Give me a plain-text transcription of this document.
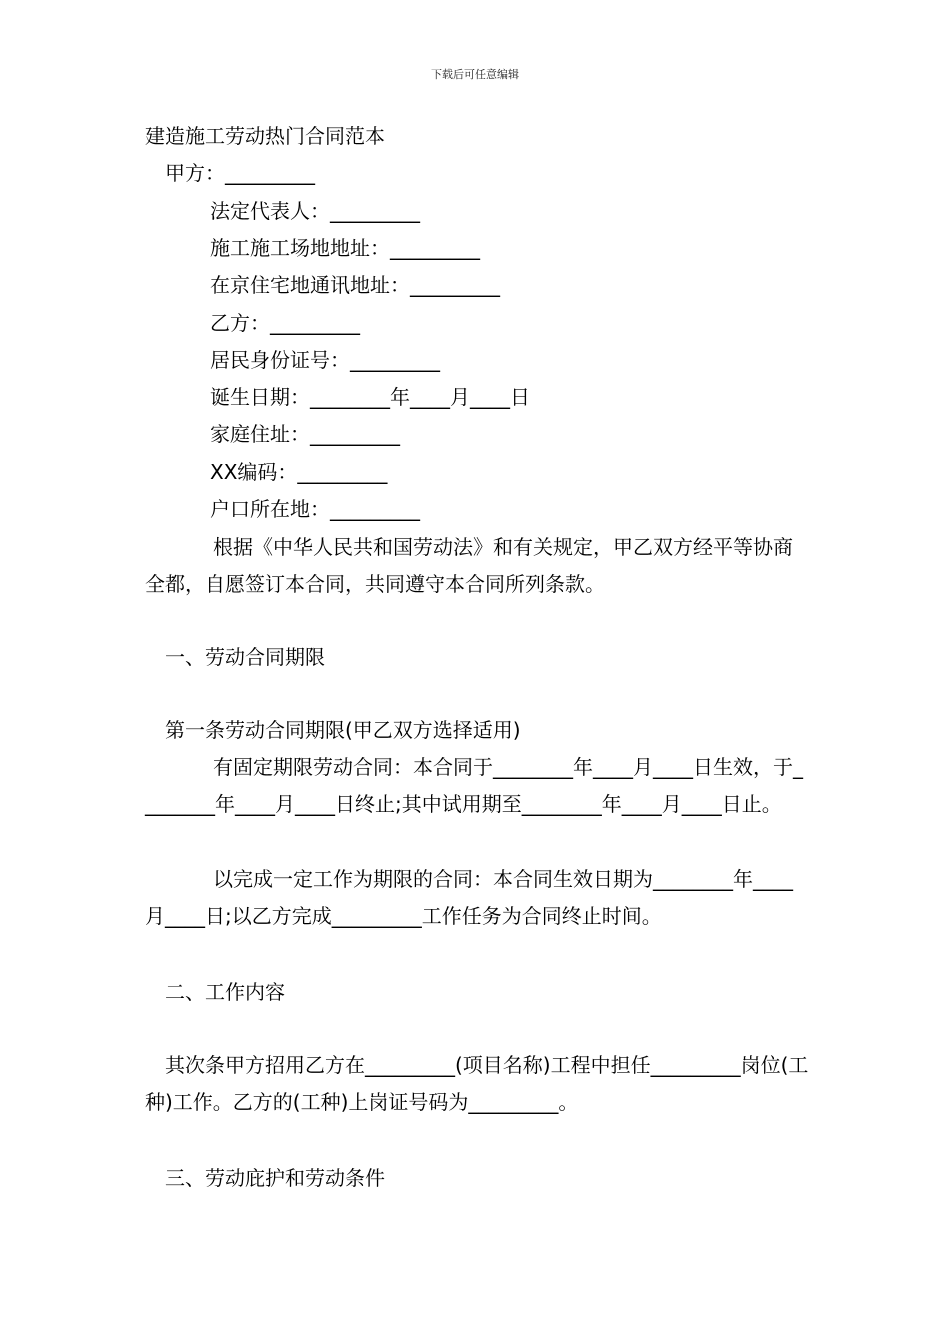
下载后可任意编辑

建造施工劳动热门合同范本

甲方：_________

法定代表人：_________

施工施工场地地址：_________

在京住宅地通讯地址：_________

乙方：_________

居民身份证号：_________

诞生日期：________年____月____日

家庭住址：_________

XX编码：_________

户口所在地：_________

根据《中华人民共和国劳动法》和有关规定，甲乙双方经平等协商全都，自愿签订本合同，共同遵守本合同所列条款。

一、劳动合同期限

第一条劳动合同期限(甲乙双方选择适用)

有固定期限劳动合同：本合同于________年____月____日生效，于________年____月____日终止;其中试用期至________年____月____日止。

以完成一定工作为期限的合同：本合同生效日期为________年____月____日;以乙方完成_________工作任务为合同终止时间。

二、工作内容

其次条甲方招用乙方在_________(项目名称)工程中担任_________岗位(工种)工作。乙方的(工种)上岗证号码为_________。

三、劳动庇护和劳动条件
